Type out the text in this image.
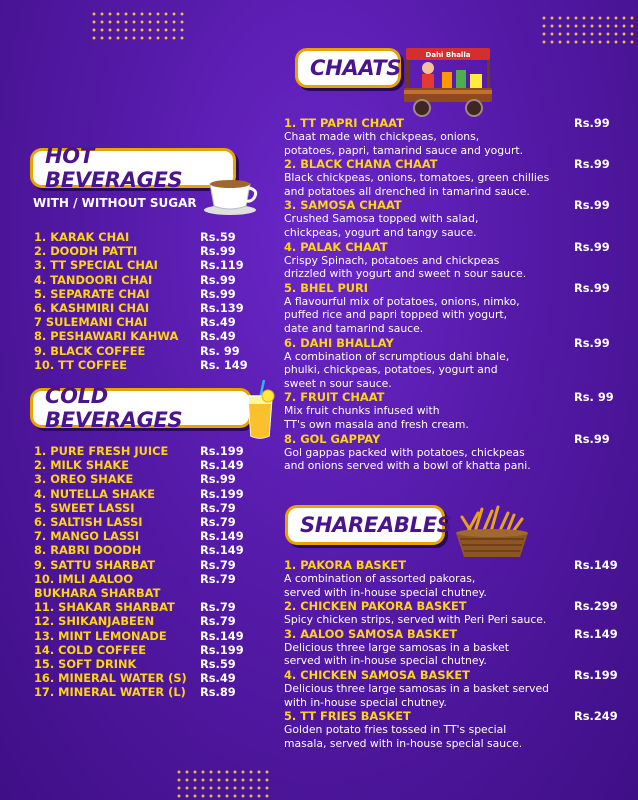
CHAATS
Dahi Bhalla
1. TT PAPRI CHAAT	Rs.99
Chaat made with chickpeas, onions,
potatoes, papri, tamarind sauce and yogurt.
2. BLACK CHANA CHAAT	Rs.99
Black chickpeas, onions, tomatoes, green chillies
and potatoes all drenched in tamarind sauce.
3. SAMOSA CHAAT	Rs.99
Crushed Samosa topped with salad,
chickpeas, yogurt and tangy sauce.
4. PALAK CHAAT	Rs.99
Crispy Spinach, potatoes and chickpeas
drizzled with yogurt and sweet n sour sauce.
5. BHEL PURI	Rs.99
A flavourful mix of potatoes, onions, nimko,
puffed rice and papri topped with yogurt,
date and tamarind sauce.
6. DAHI BHALLAY	Rs.99
A combination of scrumptious dahi bhale,
phulki, chickpeas, potatoes, yogurt and
sweet n sour sauce.
7. FRUIT CHAAT	Rs. 99
Mix fruit chunks infused with
TT's own masala and fresh cream.
8. GOL GAPPAY	Rs.99
Gol gappas packed with potatoes, chickpeas
and onions served with a bowl of khatta pani.
HOT BEVERAGES
WITH / WITHOUT SUGAR
1. KARAK CHAI	Rs.59
2. DOODH PATTI	Rs.99
3. TT SPECIAL CHAI	Rs.119
4. TANDOORI CHAI	Rs.99
5. SEPARATE CHAI	Rs.99
6. KASHMIRI CHAI	Rs.139
7 SULEMANI CHAI	Rs.49
8. PESHAWARI KAHWA Rs.49
9. BLACK COFFEE	Rs. 99
10. TT COFFEE	Rs. 149
COLD BEVERAGES
1. PURE FRESH JUICE	Rs.199
2. MILK SHAKE	Rs.149
3. OREO SHAKE	Rs.99
4. NUTELLA SHAKE	Rs.199
5. SWEET LASSI	Rs.79
6. SALTISH LASSI	Rs.79
7. MANGO LASSI	Rs.149
8. RABRI DOODH	Rs.149
9. SATTU SHARBAT	Rs.79
10. IMLI AALOO
BUKHARA SHARBAT
Rs.79
11. SHAKAR SHARBAT Rs.79
12. SHIKANJABEEN	Rs.79
13. MINT LEMONADE	Rs.149
14. COLD COFFEE	Rs.199
15. SOFT DRINK	Rs.59
16. MINERAL WATER (S) Rs.49
17. MINERAL WATER (L) Rs.89
SHAREABLES
1. PAKORA BASKET	Rs.149
A combination of assorted pakoras,
served with in-house special chutney.
2. CHICKEN PAKORA BASKET	Rs.299
Spicy chicken strips, served with Peri Peri sauce.
3. AALOO SAMOSA BASKET	Rs.149
Delicious three large samosas in a basket
served with in-house special chutney.
4. CHICKEN SAMOSA BASKET	Rs.199
Delicious three large samosas in a basket served
with in-house special chutney.
5. TT FRIES BASKET	Rs.249
Golden potato fries tossed in TT's special
masala, served with in-house special sauce.
